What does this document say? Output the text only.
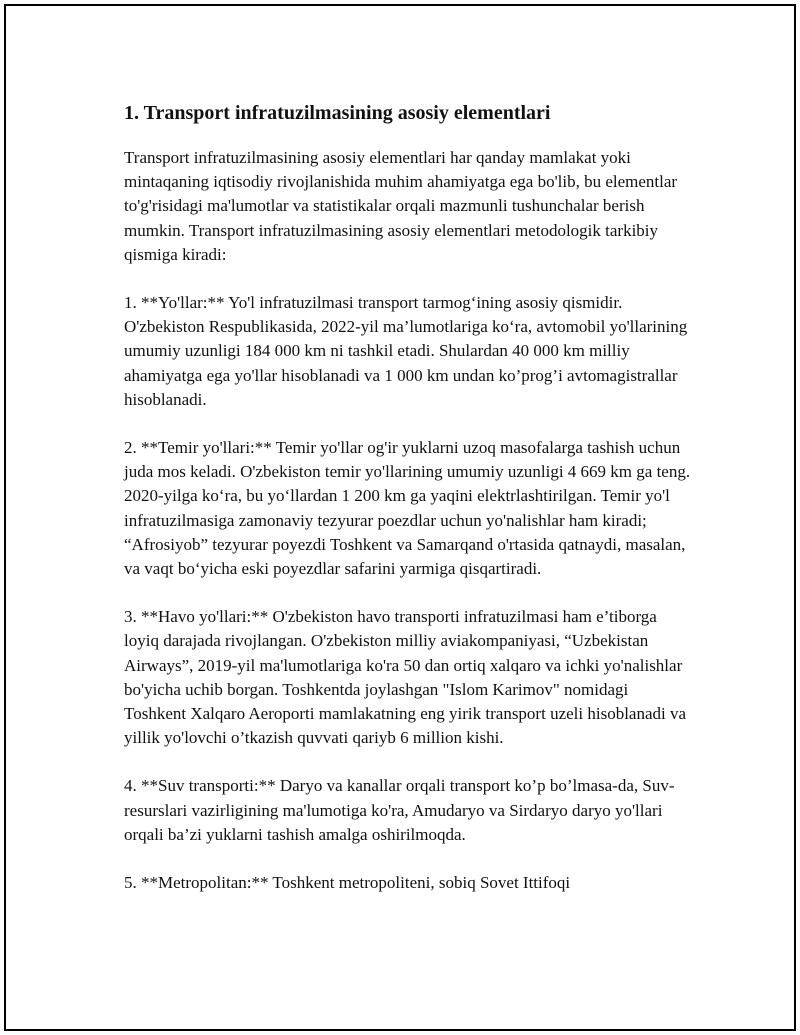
1. Transport infratuzilmasining asosiy elementlari

Transport infratuzilmasining asosiy elementlari har qanday mamlakat yoki mintaqaning iqtisodiy rivojlanishida muhim ahamiyatga ega bo'lib, bu elementlar to'g'risidagi ma'lumotlar va statistikalar orqali mazmunli tushunchalar berish mumkin. Transport infratuzilmasining asosiy elementlari metodologik tarkibiy qismiga kiradi:

1. **Yo'llar:** Yo'l infratuzilmasi transport tarmog‘ining asosiy qismidir. O'zbekiston Respublikasida, 2022-yil ma’lumotlariga ko‘ra, avtomobil yo'llarining umumiy uzunligi 184 000 km ni tashkil etadi. Shulardan 40 000 km milliy ahamiyatga ega yo'llar hisoblanadi va 1 000 km undan ko’prog’i avtomagistrallar hisoblanadi.

2. **Temir yo'llari:** Temir yo'llar og'ir yuklarni uzoq masofalarga tashish uchun juda mos keladi. O'zbekiston temir yo'llarining umumiy uzunligi 4 669 km ga teng. 2020-yilga ko‘ra, bu yo‘llardan 1 200 km ga yaqini elektrlashtirilgan. Temir yo'l infratuzilmasiga zamonaviy tezyurar poezdlar uchun yo'nalishlar ham kiradi; “Afrosiyob” tezyurar poyezdi Toshkent va Samarqand o'rtasida qatnaydi, masalan, va vaqt bo‘yicha eski poyezdlar safarini yarmiga qisqartiradi.

3. **Havo yo'llari:** O'zbekiston havo transporti infratuzilmasi ham e’tiborga loyiq darajada rivojlangan. O'zbekiston milliy aviakompaniyasi, “Uzbekistan Airways”, 2019-yil ma'lumotlariga ko'ra 50 dan ortiq xalqaro va ichki yo'nalishlar bo'yicha uchib borgan. Toshkentda joylashgan "Islom Karimov" nomidagi Toshkent Xalqaro Aeroporti mamlakatning eng yirik transport uzeli hisoblanadi va yillik yo'lovchi o’tkazish quvvati qariyb 6 million kishi.

4. **Suv transporti:** Daryo va kanallar orqali transport ko’p bo’lmasa-da, Suv-resurslari vazirligining ma'lumotiga ko'ra, Amudaryo va Sirdaryo daryo yo'llari orqali ba’zi yuklarni tashish amalga oshirilmoqda.

5. **Metropolitan:** Toshkent metropoliteni, sobiq Sovet Ittifoqi
